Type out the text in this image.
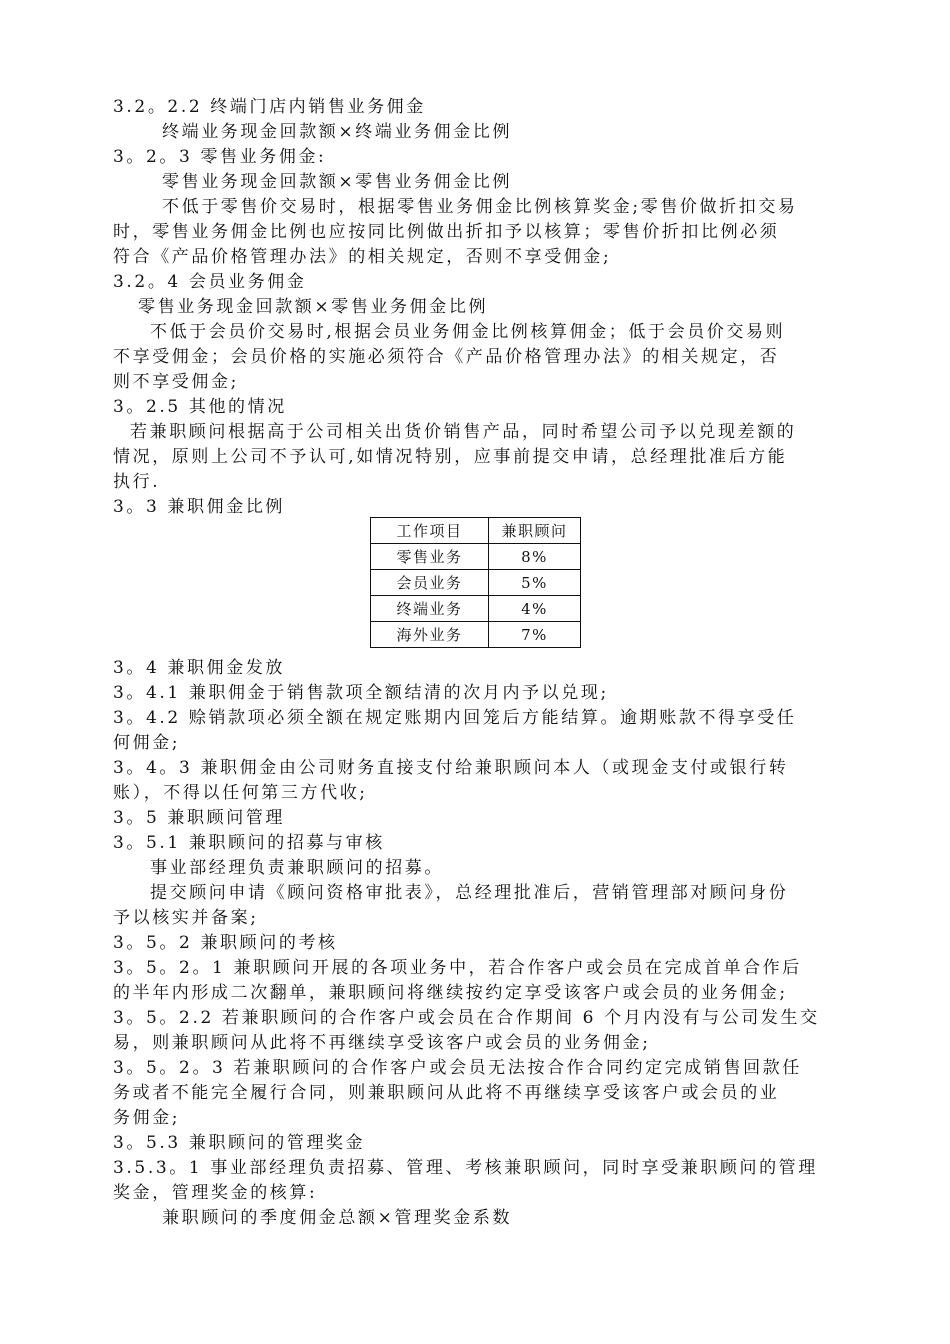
3.2。2.2 终端门店内销售业务佣金
终端业务现金回款额×终端业务佣金比例
3。2。3 零售业务佣金:
零售业务现金回款额×零售业务佣金比例
不低于零售价交易时，根据零售业务佣金比例核算奖金;零售价做折扣交易
时，零售业务佣金比例也应按同比例做出折扣予以核算；零售价折扣比例必须
符合《产品价格管理办法》的相关规定，否则不享受佣金;
3.2。4 会员业务佣金
零售业务现金回款额×零售业务佣金比例
不低于会员价交易时,根据会员业务佣金比例核算佣金；低于会员价交易则
不享受佣金；会员价格的实施必须符合《产品价格管理办法》的相关规定，否
则不享受佣金;
3。2.5 其他的情况
若兼职顾问根据高于公司相关出货价销售产品，同时希望公司予以兑现差额的
情况，原则上公司不予认可,如情况特别，应事前提交申请，总经理批准后方能
执行.
3。3 兼职佣金比例
工作项目	兼职顾问
零售业务	8%
会员业务	5%
终端业务	4%
海外业务	7%
3。4 兼职佣金发放
3。4.1 兼职佣金于销售款项全额结清的次月内予以兑现;
3。4.2 赊销款项必须全额在规定账期内回笼后方能结算。逾期账款不得享受任
何佣金;
3。4。3 兼职佣金由公司财务直接支付给兼职顾问本人（或现金支付或银行转
账），不得以任何第三方代收;
3。5 兼职顾问管理
3。5.1 兼职顾问的招募与审核
事业部经理负责兼职顾问的招募。
提交顾问申请《顾问资格审批表》，总经理批准后，营销管理部对顾问身份
予以核实并备案;
3。5。2 兼职顾问的考核
3。5。2。1 兼职顾问开展的各项业务中，若合作客户或会员在完成首单合作后
的半年内形成二次翻单，兼职顾问将继续按约定享受该客户或会员的业务佣金;
3。5。2.2 若兼职顾问的合作客户或会员在合作期间 6 个月内没有与公司发生交
易，则兼职顾问从此将不再继续享受该客户或会员的业务佣金;
3。5。2。3 若兼职顾问的合作客户或会员无法按合作合同约定完成销售回款任
务或者不能完全履行合同，则兼职顾问从此将不再继续享受该客户或会员的业
务佣金;
3。5.3 兼职顾问的管理奖金
3.5.3。1 事业部经理负责招募、管理、考核兼职顾问，同时享受兼职顾问的管理
奖金，管理奖金的核算:
兼职顾问的季度佣金总额×管理奖金系数
